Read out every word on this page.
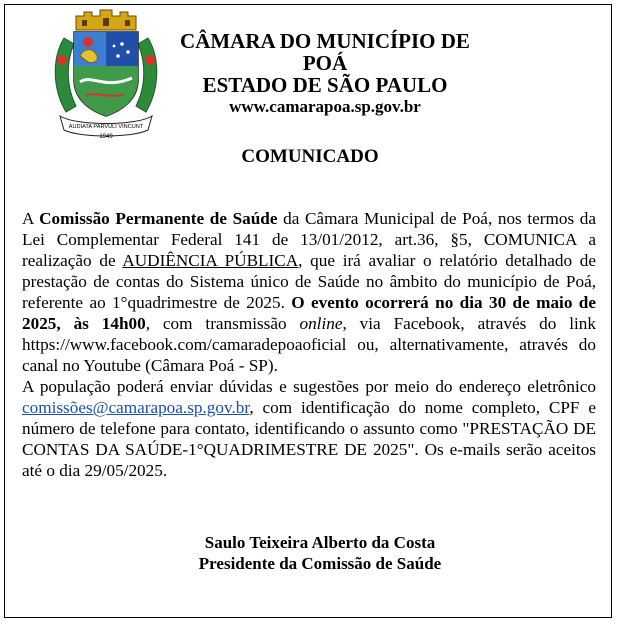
AUDIATA PARVULI VINCUNT
1949
CÂMARA DO MUNICÍPIO DE POÁ
ESTADO DE SÃO PAULO
www.camarapoa.sp.gov.br
COMUNICADO

A Comissão Permanente de Saúde da Câmara Municipal de Poá, nos termos da Lei Complementar Federal 141 de 13/01/2012, art.36, §5, COMUNICA a realização de AUDIÊNCIA PÚBLICA, que irá avaliar o relatório detalhado de prestação de contas do Sistema único de Saúde no âmbito do município de Poá, referente ao 1°quadrimestre de 2025. O evento ocorrerá no dia 30 de maio de 2025, às 14h00, com transmissão online, via Facebook, através do link https://www.facebook.com/camaradepoaoficial ou, alternativamente, através do canal no Youtube (Câmara Poá - SP).

A população poderá enviar dúvidas e sugestões por meio do endereço eletrônico comissões@camarapoa.sp.gov.br, com identificação do nome completo, CPF e número de telefone para contato, identificando o assunto como "PRESTAÇÃO DE CONTAS DA SAÚDE-1°QUADRIMESTRE DE 2025". Os e-mails serão aceitos até o dia 29/05/2025.

Saulo Teixeira Alberto da Costa
Presidente da Comissão de Saúde
